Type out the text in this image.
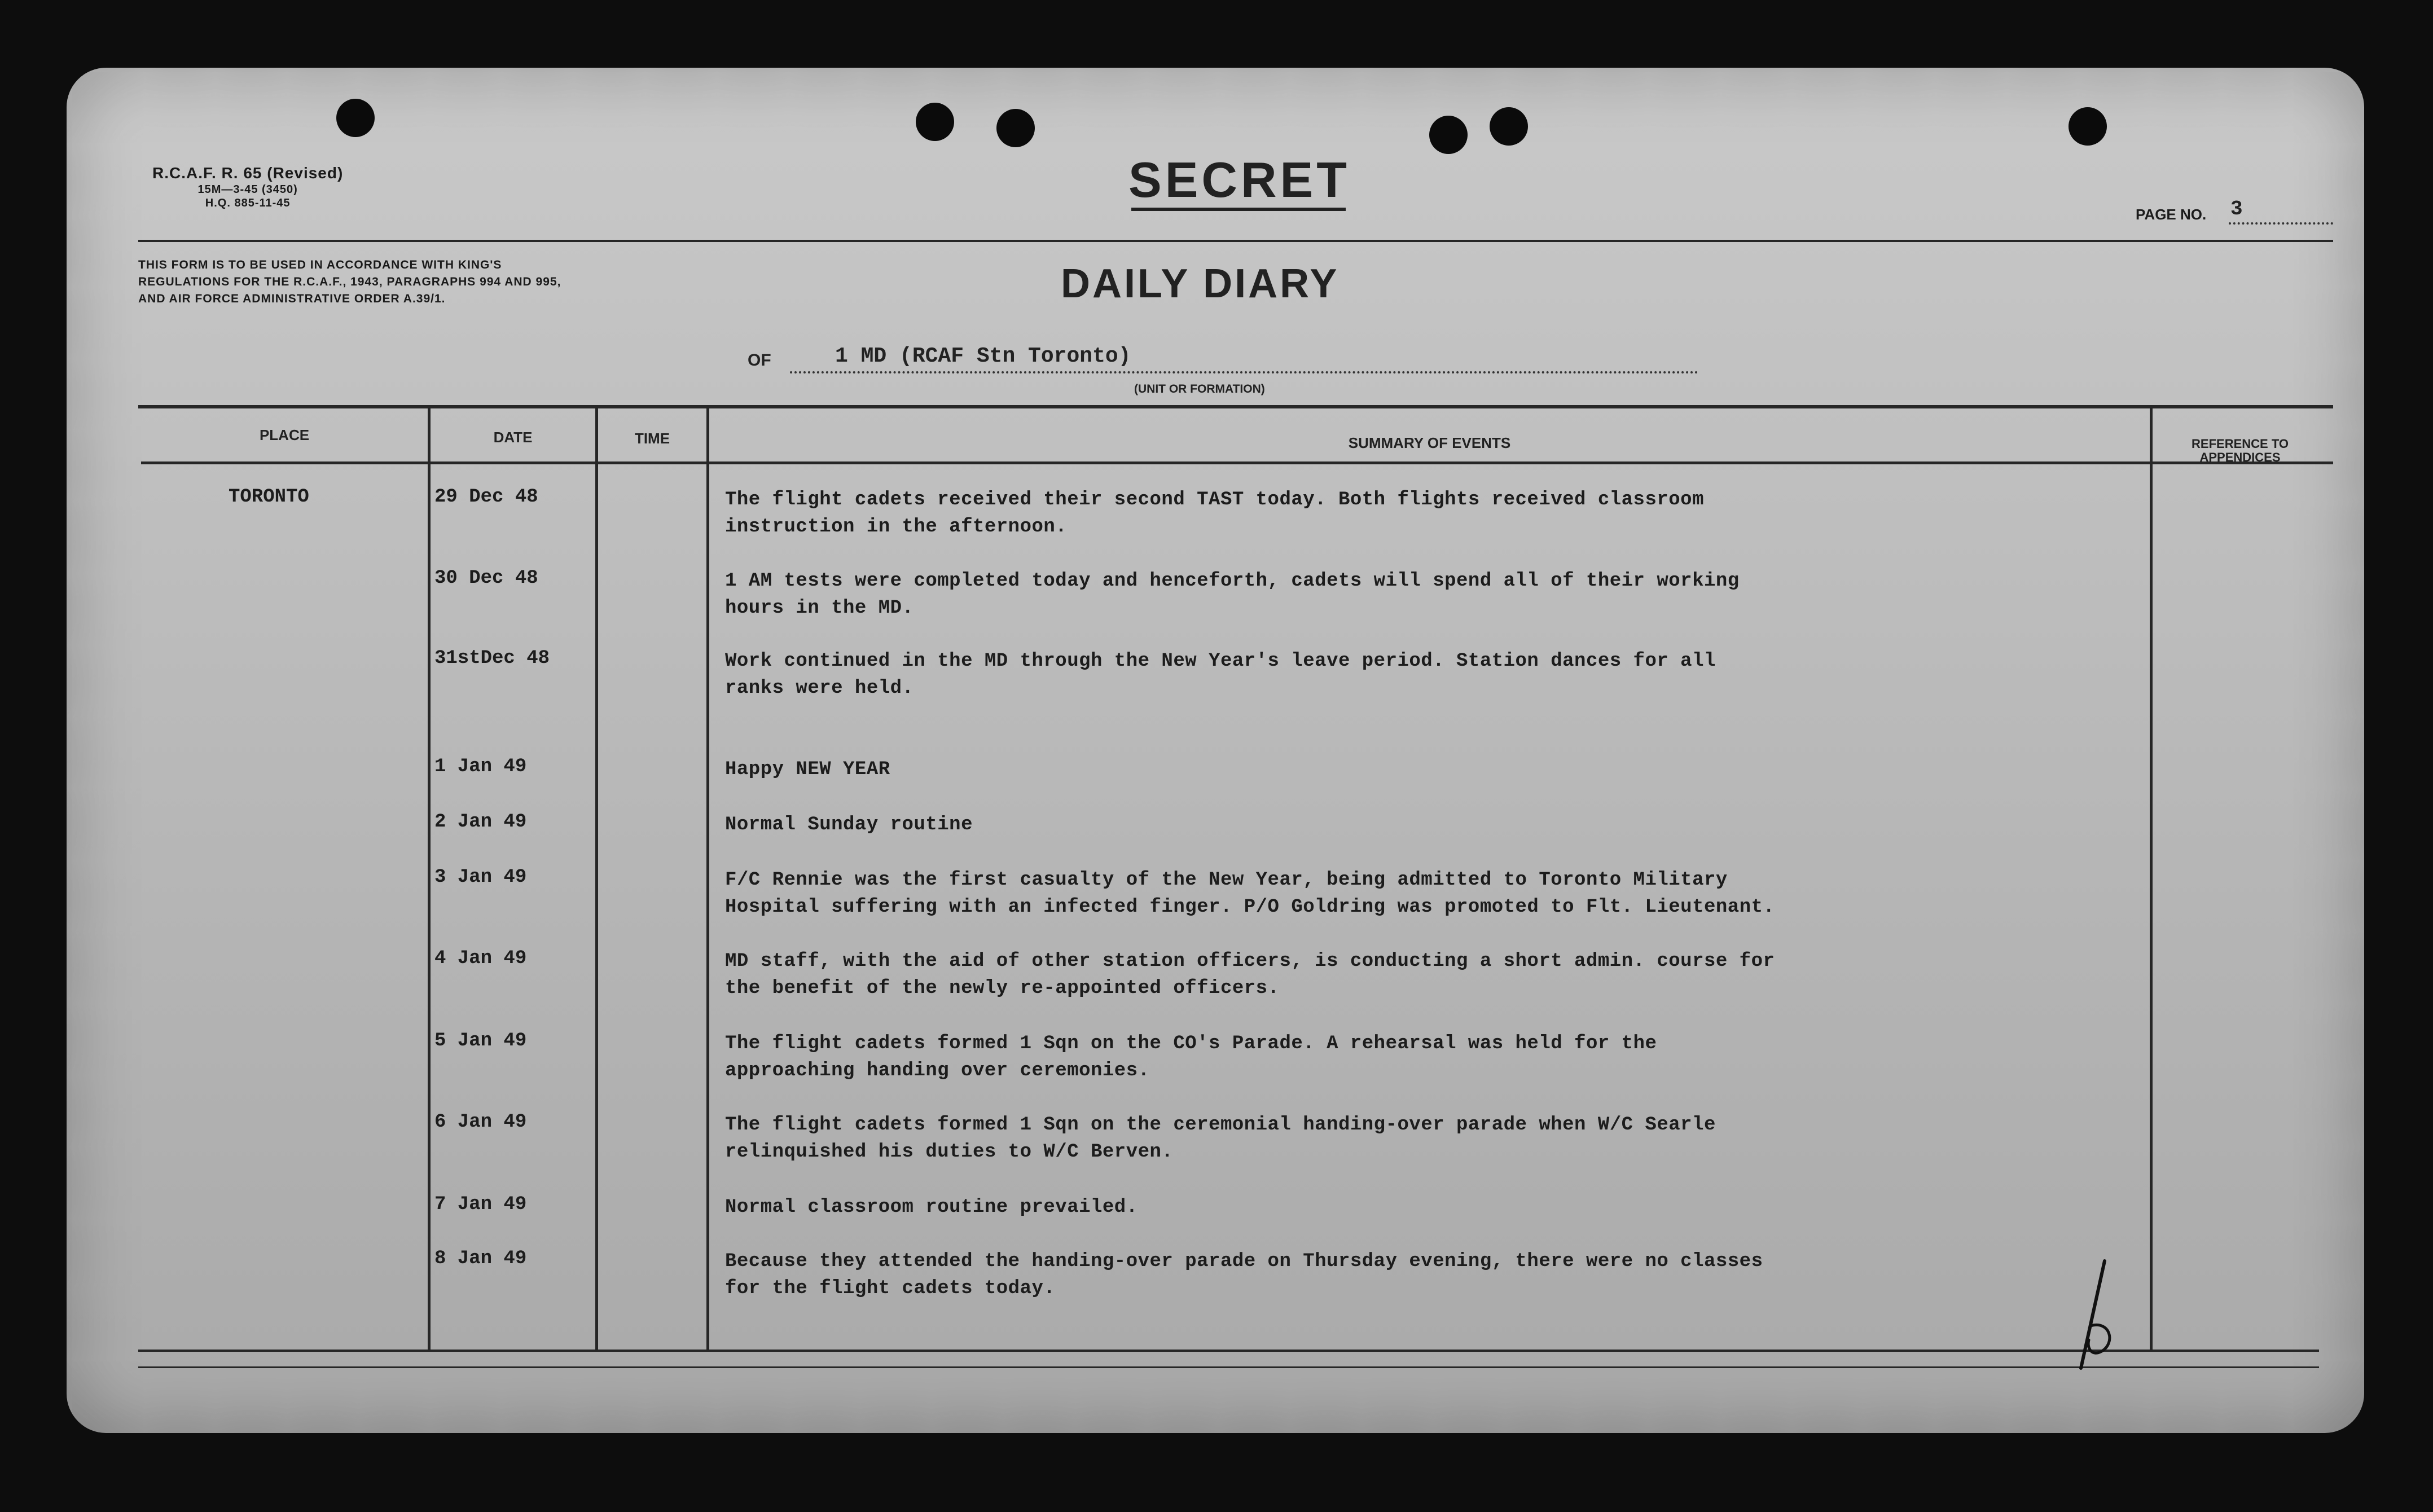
R.C.A.F. R. 65 (Revised)
15M—3-45 (3450)
H.Q. 885-11-45	SECRET
PAGE NO. 3
THIS FORM IS TO BE USED IN ACCORDANCE WITH KING'S REGULATIONS FOR THE R.C.A.F., 1943, PARAGRAPHS 994 AND 995, AND AIR FORCE ADMINISTRATIVE ORDER A.39/1.	DAILY DIARY
OF	1 MD (RCAF Stn Toronto)
(UNIT OR FORMATION)
PLACE	DATE	TIME	SUMMARY OF EVENTS	REFERENCE TO APPENDICES
TORONTO	29 Dec 48	The flight cadets received their second TAST today. Both flights received classroom
instruction in the afternoon.
30 Dec 48	1 AM tests were completed today and henceforth, cadets will spend all of their working
hours in the MD.
31stDec 48	Work continued in the MD through the New Year's leave period. Station dances for all
ranks were held.
1 Jan 49	Happy NEW YEAR
2 Jan 49	Normal Sunday routine
3 Jan 49	F/C Rennie was the first casualty of the New Year, being admitted to Toronto Military
Hospital suffering with an infected finger. P/O Goldring was promoted to Flt. Lieutenant.
4 Jan 49	MD staff, with the aid of other station officers, is conducting a short admin. course for
the benefit of the newly re-appointed officers.
5 Jan 49	The flight cadets formed 1 Sqn on the CO's Parade. A rehearsal was held for the
approaching handing over ceremonies.
6 Jan 49	The flight cadets formed 1 Sqn on the ceremonial handing-over parade when W/C Searle
relinquished his duties to W/C Berven.
7 Jan 49	Normal classroom routine prevailed.
8 Jan 49	Because they attended the handing-over parade on Thursday evening, there were no classes
for the flight cadets today.
